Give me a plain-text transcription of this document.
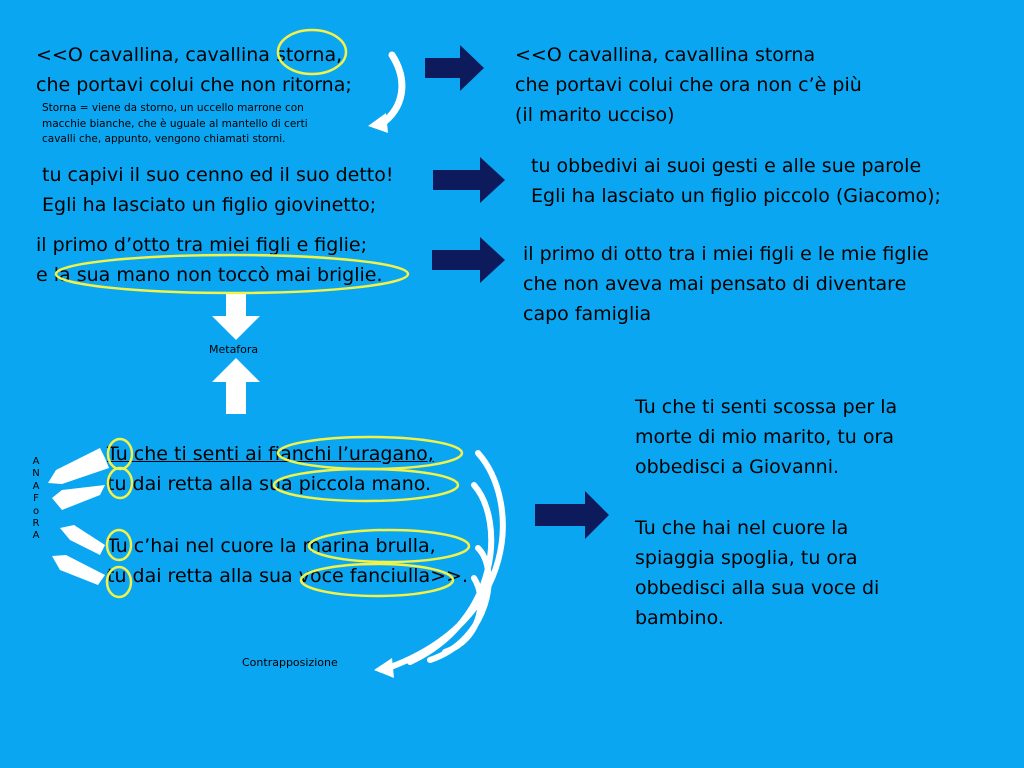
<<O cavallina, cavallina storna,
che portavi colui che non ritorna;
Storna = viene da storno, un uccello marrone con
macchie bianche, che è uguale al mantello di certi
cavalli che, appunto, vengono chiamati storni.
tu capivi il suo cenno ed il suo detto!
Egli ha lasciato un figlio giovinetto;
il primo d’otto tra miei figli e figlie;
e la sua mano non toccò mai briglie.
Metafora
Tu che ti senti ai fianchi l’uragano,
tu dai retta alla sua piccola mano.
Tu c’hai nel cuore la marina brulla,
tu dai retta alla sua voce fanciulla>>.
A
N
A
F
o
R
A
Contrapposizione
<<O cavallina, cavallina storna
che portavi colui che ora non c’è più
(il marito ucciso)
tu obbedivi ai suoi gesti e alle sue parole
Egli ha lasciato un figlio piccolo (Giacomo);
il primo di otto tra i miei figli e le mie figlie
che non aveva mai pensato di diventare
capo famiglia
Tu che ti senti scossa per la
morte di mio marito, tu ora
obbedisci a Giovanni.
Tu che hai nel cuore la
spiaggia spoglia, tu ora
obbedisci alla sua voce di
bambino.
